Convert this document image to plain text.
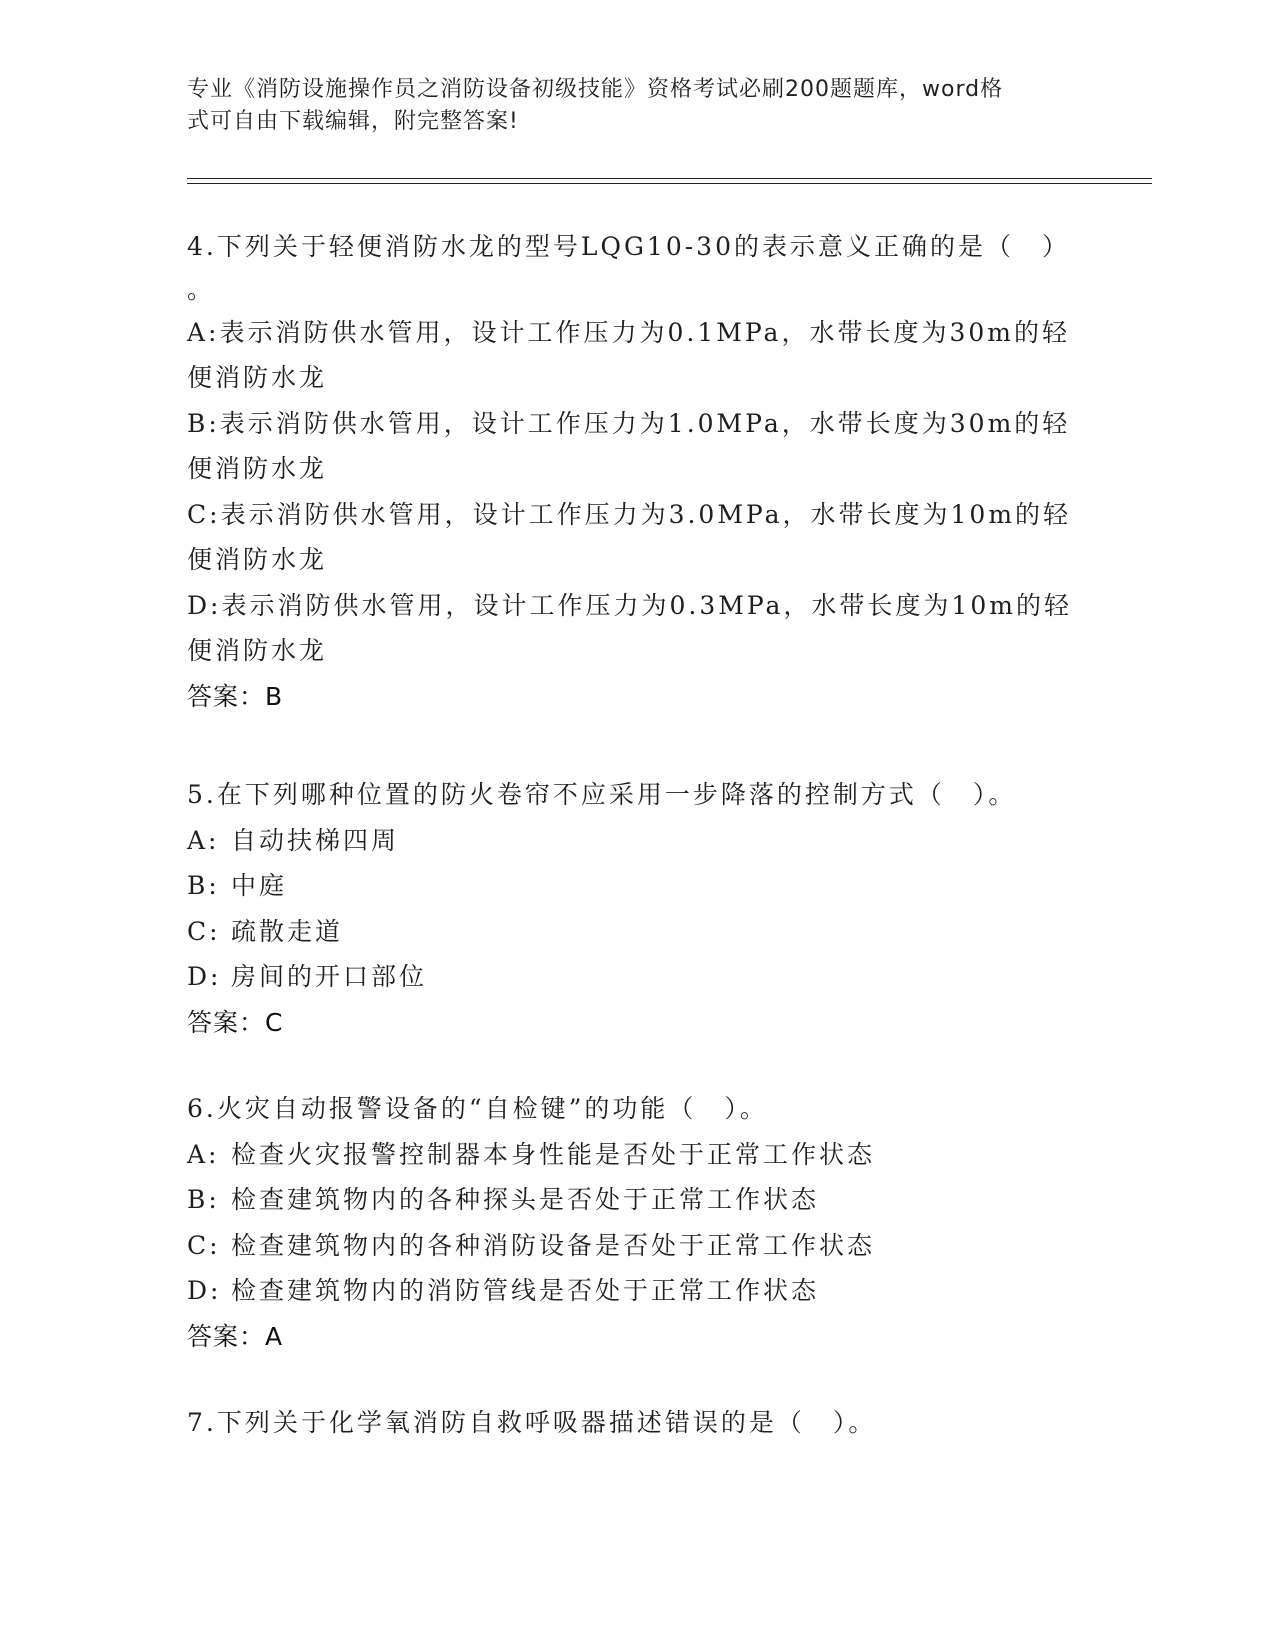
专业《消防设施操作员之消防设备初级技能》资格考试必刷200题题库，word格
式可自由下载编辑，附完整答案!
4.下列关于轻便消防水龙的型号LQG10-30的表示意义正确的是（　）
。
A:表示消防供水管用，设计工作压力为0.1MPa，水带长度为30m的轻
便消防水龙
B:表示消防供水管用，设计工作压力为1.0MPa，水带长度为30m的轻
便消防水龙
C:表示消防供水管用，设计工作压力为3.0MPa，水带长度为10m的轻
便消防水龙
D:表示消防供水管用，设计工作压力为0.3MPa，水带长度为10m的轻
便消防水龙
答案：B
5.在下列哪种位置的防火卷帘不应采用一步降落的控制方式（　）。
A: 自动扶梯四周
B: 中庭
C: 疏散走道
D: 房间的开口部位
答案：C
6.火灾自动报警设备的“自检键”的功能（　）。
A: 检查火灾报警控制器本身性能是否处于正常工作状态
B: 检查建筑物内的各种探头是否处于正常工作状态
C: 检查建筑物内的各种消防设备是否处于正常工作状态
D: 检查建筑物内的消防管线是否处于正常工作状态
答案：A
7.下列关于化学氧消防自救呼吸器描述错误的是（　）。
